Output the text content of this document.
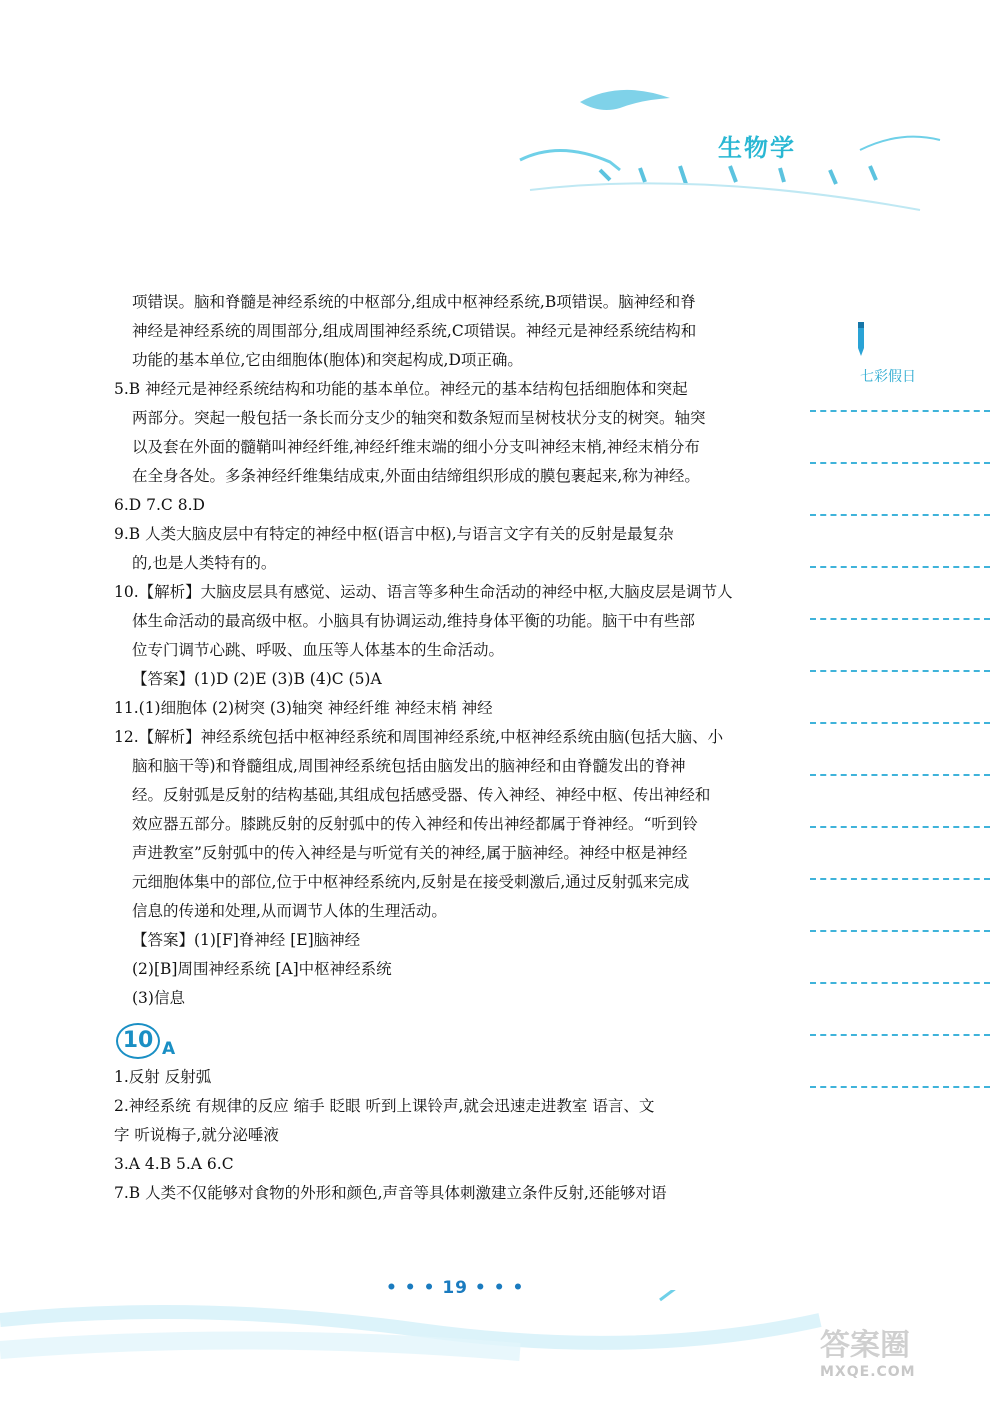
生物学
七彩假日
项错误。脑和脊髓是神经系统的中枢部分,组成中枢神经系统,B项错误。脑神经和脊
神经是神经系统的周围部分,组成周围神经系统,C项错误。神经元是神经系统结构和
功能的基本单位,它由细胞体(胞体)和突起构成,D项正确。
5.B 神经元是神经系统结构和功能的基本单位。神经元的基本结构包括细胞体和突起
两部分。突起一般包括一条长而分支少的轴突和数条短而呈树枝状分支的树突。轴突
以及套在外面的髓鞘叫神经纤维,神经纤维末端的细小分支叫神经末梢,神经末梢分布
在全身各处。多条神经纤维集结成束,外面由结缔组织形成的膜包裹起来,称为神经。
6.D 7.C 8.D
9.B 人类大脑皮层中有特定的神经中枢(语言中枢),与语言文字有关的反射是最复杂
的,也是人类特有的。
10.【解析】大脑皮层具有感觉、运动、语言等多种生命活动的神经中枢,大脑皮层是调节人
体生命活动的最高级中枢。小脑具有协调运动,维持身体平衡的功能。脑干中有些部
位专门调节心跳、呼吸、血压等人体基本的生命活动。
【答案】(1)D (2)E (3)B (4)C (5)A
11.(1)细胞体 (2)树突 (3)轴突 神经纤维 神经末梢 神经
12.【解析】神经系统包括中枢神经系统和周围神经系统,中枢神经系统由脑(包括大脑、小
脑和脑干等)和脊髓组成,周围神经系统包括由脑发出的脑神经和由脊髓发出的脊神
经。反射弧是反射的结构基础,其组成包括感受器、传入神经、神经中枢、传出神经和
效应器五部分。膝跳反射的反射弧中的传入神经和传出神经都属于脊神经。“听到铃
声进教室”反射弧中的传入神经是与听觉有关的神经,属于脑神经。神经中枢是神经
元细胞体集中的部位,位于中枢神经系统内,反射是在接受刺激后,通过反射弧来完成
信息的传递和处理,从而调节人体的生理活动。
【答案】(1)[F]脊神经 [E]脑神经
(2)[B]周围神经系统 [A]中枢神经系统
(3)信息
10 A
1.反射 反射弧
2.神经系统 有规律的反应 缩手 眨眼 听到上课铃声,就会迅速走进教室 语言、文
字 听说梅子,就分泌唾液
3.A 4.B 5.A 6.C
7.B 人类不仅能够对食物的外形和颜色,声音等具体刺激建立条件反射,还能够对语
• • • 19 • • •
答案圈
MXQE.COM
